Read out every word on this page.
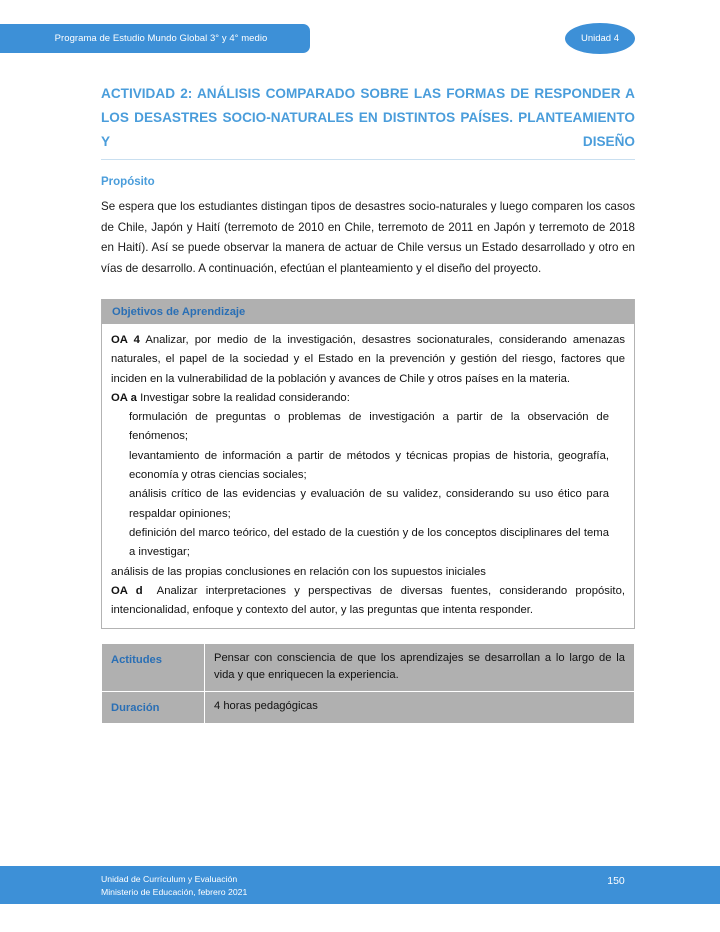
Programa de Estudio Mundo Global 3° y 4° medio	Unidad 4
ACTIVIDAD 2: ANÁLISIS COMPARADO SOBRE LAS FORMAS DE RESPONDER A LOS DESASTRES SOCIO-NATURALES EN DISTINTOS PAÍSES. PLANTEAMIENTO Y DISEÑO
Propósito

Se espera que los estudiantes distingan tipos de desastres socio-naturales y luego comparen los casos de Chile, Japón y Haití (terremoto de 2010 en Chile, terremoto de 2011 en Japón y terremoto de 2018 en Haití). Así se puede observar la manera de actuar de Chile versus un Estado desarrollado y otro en vías de desarrollo. A continuación, efectúan el planteamiento y el diseño del proyecto.

Objetivos de Aprendizaje

OA 4 Analizar, por medio de la investigación, desastres socionaturales, considerando amenazas naturales, el papel de la sociedad y el Estado en la prevención y gestión del riesgo, factores que inciden en la vulnerabilidad de la población y avances de Chile y otros países en la materia.

OA a Investigar sobre la realidad considerando:

formulación de preguntas o problemas de investigación a partir de la observación de fenómenos;

levantamiento de información a partir de métodos y técnicas propias de historia, geografía, economía y otras ciencias sociales;

análisis crítico de las evidencias y evaluación de su validez, considerando su uso ético para respaldar opiniones;

definición del marco teórico, del estado de la cuestión y de los conceptos disciplinares del tema a investigar;

análisis de las propias conclusiones en relación con los supuestos iniciales

OA d Analizar interpretaciones y perspectivas de diversas fuentes, considerando propósito, intencionalidad, enfoque y contexto del autor, y las preguntas que intenta responder.

Actitudes	Pensar con consciencia de que los aprendizajes se desarrollan a lo largo de la vida y que enriquecen la experiencia.

Duración	4 horas pedagógicas
Unidad de Currículum y Evaluación
Ministerio de Educación, febrero 2021
150
